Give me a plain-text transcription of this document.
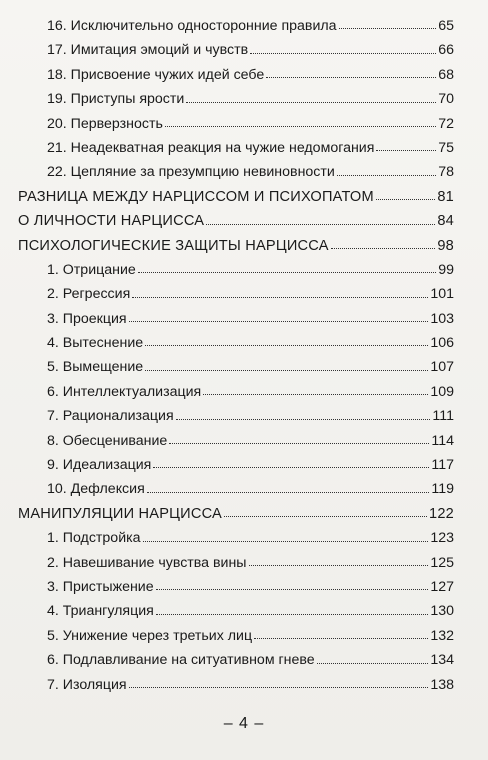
16. Исключительно односторонние правила	65
17. Имитация эмоций и чувств	66
18. Присвоение чужих идей себе	68
19. Приступы ярости	70
20. Перверзность	72
21. Неадекватная реакция на чужие недомогания	75
22. Цепляние за презумпцию невиновности	78
РАЗНИЦА МЕЖДУ НАРЦИССОМ И ПСИХОПАТОМ	81
О ЛИЧНОСТИ НАРЦИССА	84
ПСИХОЛОГИЧЕСКИЕ ЗАЩИТЫ НАРЦИССА	98
1. Отрицание	99
2. Регрессия	101
3. Проекция	103
4. Вытеснение	106
5. Вымещение	107
6. Интеллектуализация	109
7. Рационализация	111
8. Обесценивание	114
9. Идеализация	117
10. Дефлексия	119
МАНИПУЛЯЦИИ НАРЦИССА	122
1. Подстройка	123
2. Навешивание чувства вины	125
3. Пристыжение	127
4. Триангуляция	130
5. Унижение через третьих лиц	132
6. Подлавливание на ситуативном гневе	134
7. Изоляция	138
– 4 –
